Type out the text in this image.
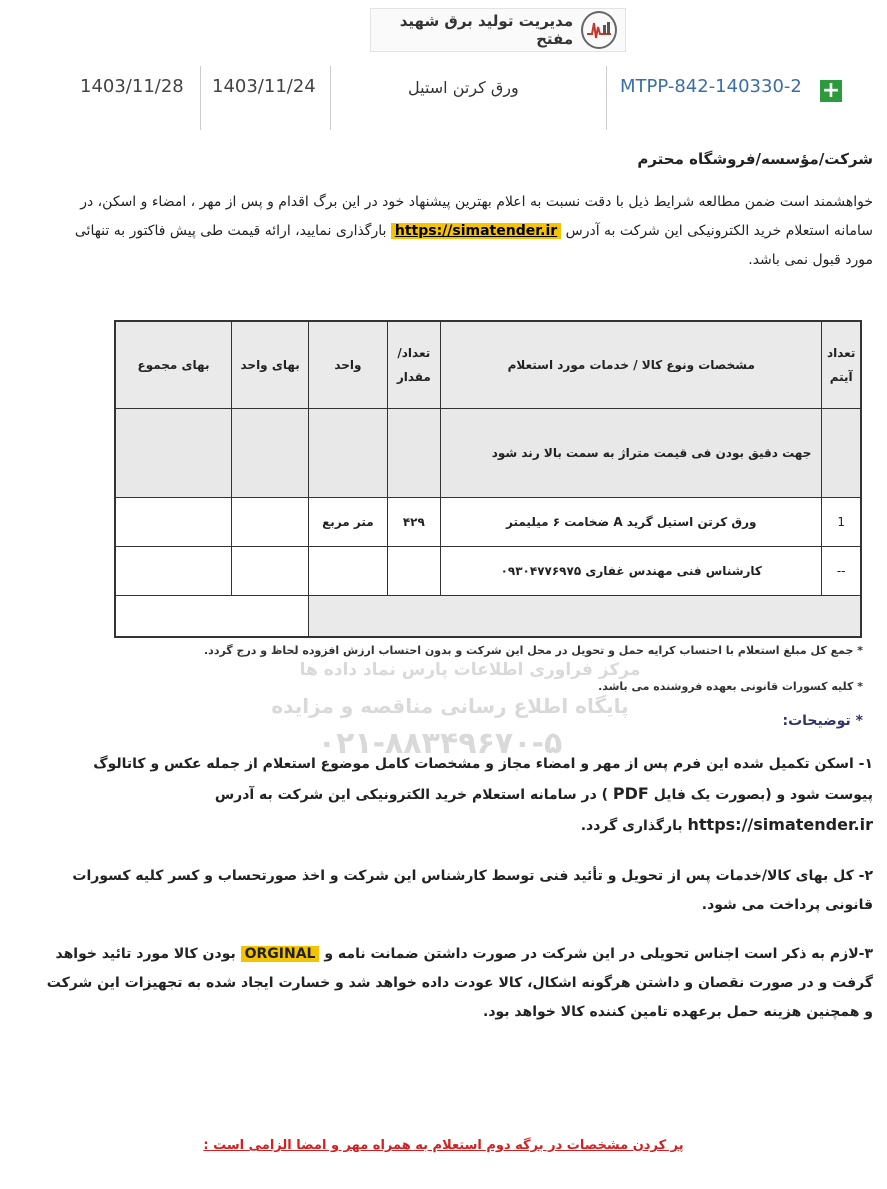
مرکز فراوری اطلاعات پارس نماد داده ها
پایگاه اطلاع رسانی مناقصه و مزایده
۰۲۱-۸۸۳۴۹۶۷۰-۵
مدیریت تولید برق شهید مفتح
1403/11/28 1403/11/24	ورق کرتن استیل	MTPP-842-140330-2 +
شرکت/مؤسسه/فروشگاه محترم
خواهشمند است ضمن مطالعه شرایط ذیل با دقت نسبت به اعلام بهترین پیشنهاد خود در این برگ اقدام و پس از مهر ، امضاء و اسکن، در سامانه استعلام خرید الکترونیکی این شرکت به آدرس https://simatender.ir بارگذاری نمایید، ارائه قیمت طی پیش فاکتور به تنهائی مورد قبول نمی باشد.
تعداد آیتم	مشخصات ونوع کالا / خدمات مورد استعلام	تعداد/ مقدار	واحد	بهای واحد	بهای مجموع
	جهت دقیق بودن فی قیمت متراژ به سمت بالا رند شود				
1	ورق کرتن استیل گرید A ضخامت ۶ میلیمتر	۴۲۹	متر مربع		
--	کارشناس فنی مهندس غفاری ۰۹۳۰۴۷۷۶۹۷۵				

* جمع کل مبلغ استعلام با احتساب کرایه حمل و تحویل در محل این شرکت و بدون احتساب ارزش افزوده لحاظ و درج گردد.
* کلیه کسورات قانونی بعهده فروشنده می باشد.
* توضیحات:
۱- اسکن تکمیل شده این فرم پس از مهر و امضاء مجاز و مشخصات کامل موضوع استعلام از جمله عکس و کاتالوگ پیوست شود و (بصورت یک فایل PDF ) در سامانه استعلام خرید الکترونیکی این شرکت به آدرس https://simatender.ir بارگذاری گردد.
۲- کل بهای کالا/خدمات پس از تحویل و تأئید فنی توسط کارشناس این شرکت و اخذ صورتحساب و کسر کلیه کسورات قانونی پرداخت می شود.
۳-لازم به ذکر است اجناس تحویلی در این شرکت در صورت داشتن ضمانت نامه و ORGINAL بودن کالا مورد تائید خواهد گرفت و در صورت نقصان و داشتن هرگونه اشکال، کالا عودت داده خواهد شد و خسارت ایجاد شده به تجهیزات این شرکت و همچنین هزینه حمل برعهده تامین کننده کالا خواهد بود.
پر کردن مشخصات در برگه دوم استعلام به همراه مهر و امضا الزامی است :
